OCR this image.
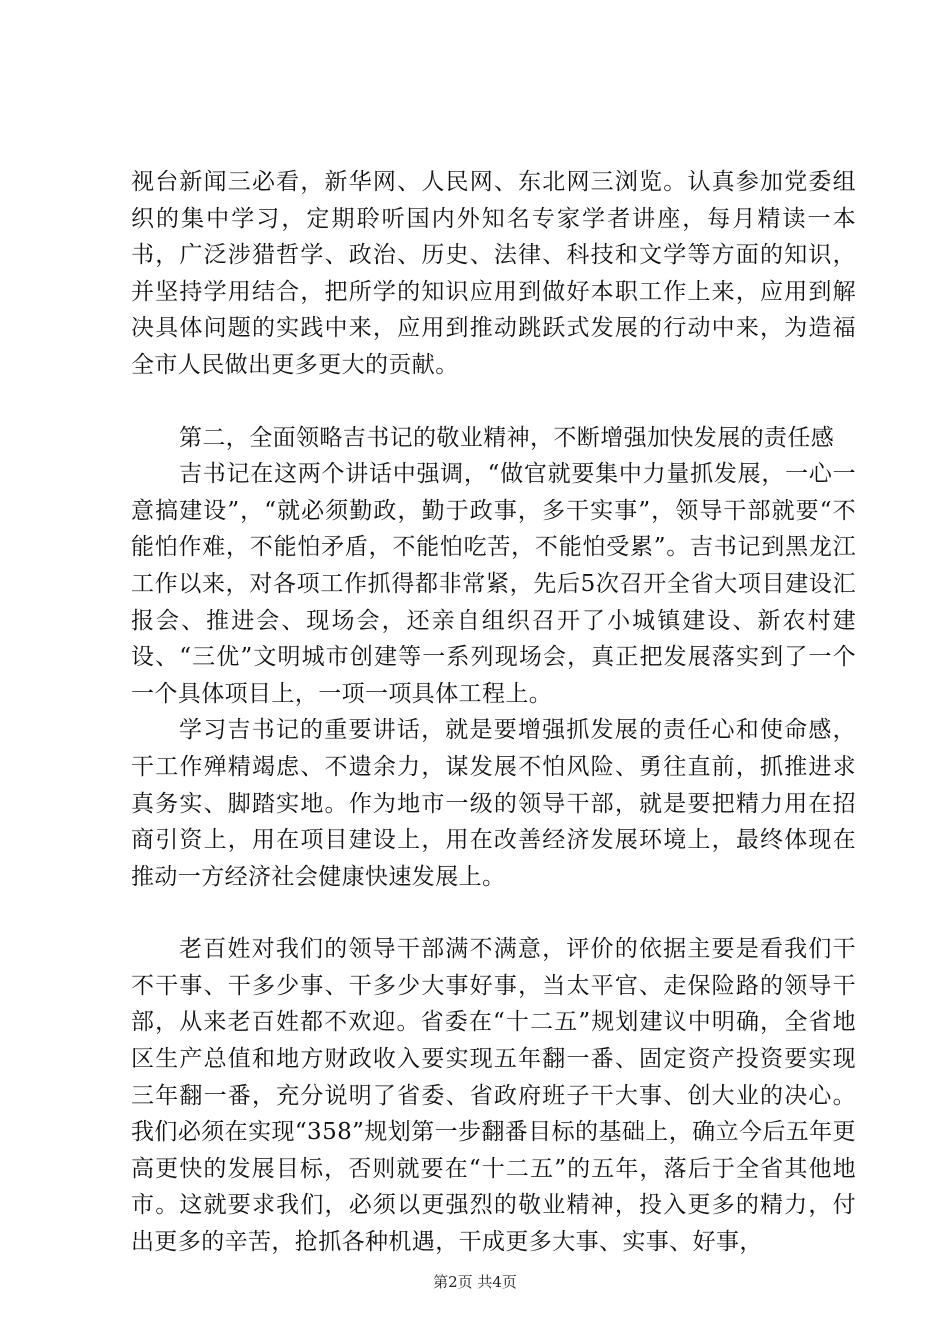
视台新闻三必看，新华网、人民网、东北网三浏览。认真参加党委组织的集中学习，定期聆听国内外知名专家学者讲座，每月精读一本书，广泛涉猎哲学、政治、历史、法律、科技和文学等方面的知识，并坚持学用结合，把所学的知识应用到做好本职工作上来，应用到解决具体问题的实践中来，应用到推动跳跃式发展的行动中来，为造福全市人民做出更多更大的贡献。

第二，全面领略吉书记的敬业精神，不断增强加快发展的责任感

吉书记在这两个讲话中强调，“做官就要集中力量抓发展，一心一意搞建设”，“就必须勤政，勤于政事，多干实事”，领导干部就要“不能怕作难，不能怕矛盾，不能怕吃苦，不能怕受累”。吉书记到黑龙江工作以来，对各项工作抓得都非常紧，先后5次召开全省大项目建设汇报会、推进会、现场会，还亲自组织召开了小城镇建设、新农村建设、“三优”文明城市创建等一系列现场会，真正把发展落实到了一个一个具体项目上，一项一项具体工程上。

学习吉书记的重要讲话，就是要增强抓发展的责任心和使命感，干工作殚精竭虑、不遗余力，谋发展不怕风险、勇往直前，抓推进求真务实、脚踏实地。作为地市一级的领导干部，就是要把精力用在招商引资上，用在项目建设上，用在改善经济发展环境上，最终体现在推动一方经济社会健康快速发展上。

老百姓对我们的领导干部满不满意，评价的依据主要是看我们干不干事、干多少事、干多少大事好事，当太平官、走保险路的领导干部，从来老百姓都不欢迎。省委在“十二五”规划建议中明确，全省地区生产总值和地方财政收入要实现五年翻一番、固定资产投资要实现三年翻一番，充分说明了省委、省政府班子干大事、创大业的决心。我们必须在实现“358”规划第一步翻番目标的基础上，确立今后五年更高更快的发展目标，否则就要在“十二五”的五年，落后于全省其他地市。这就要求我们，必须以更强烈的敬业精神，投入更多的精力，付出更多的辛苦，抢抓各种机遇，干成更多大事、实事、好事，

第2页 共4页
